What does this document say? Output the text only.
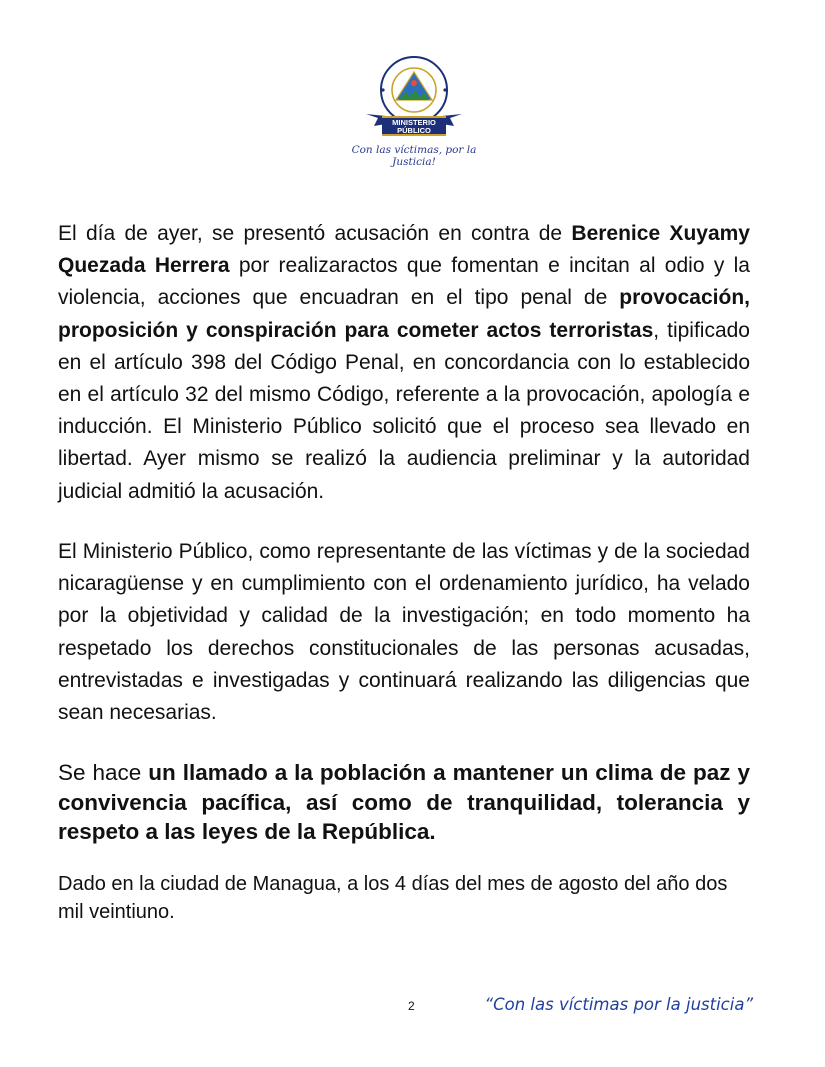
MINISTERIO
PÚBLICO
Con las víctimas, por la Justicia!

El día de ayer, se presentó acusación en contra de Berenice Xuyamy Quezada Herrera por realizaractos que fomentan e incitan al odio y la violencia, acciones que encuadran en el tipo penal de provocación, proposición y conspiración para cometer actos terroristas, tipificado en el artículo 398 del Código Penal, en concordancia con lo establecido en el artículo 32 del mismo Código, referente a la provocación, apología e inducción. El Ministerio Público solicitó que el proceso sea llevado en libertad. Ayer mismo se realizó la audiencia preliminar y la autoridad judicial admitió la acusación.

El Ministerio Público, como representante de las víctimas y de la sociedad nicaragüense y en cumplimiento con el ordenamiento jurídico, ha velado por la objetividad y calidad de la investigación; en todo momento ha respetado los derechos constitucionales de las personas acusadas, entrevistadas e investigadas y continuará realizando las diligencias que sean necesarias.

Se hace un llamado a la población a mantener un clima de paz y convivencia pacífica, así como de tranquilidad, tolerancia y respeto a las leyes de la República.

Dado en la ciudad de Managua, a los 4 días del mes de agosto del año dos mil veintiuno.

2	“Con las víctimas por la justicia”
